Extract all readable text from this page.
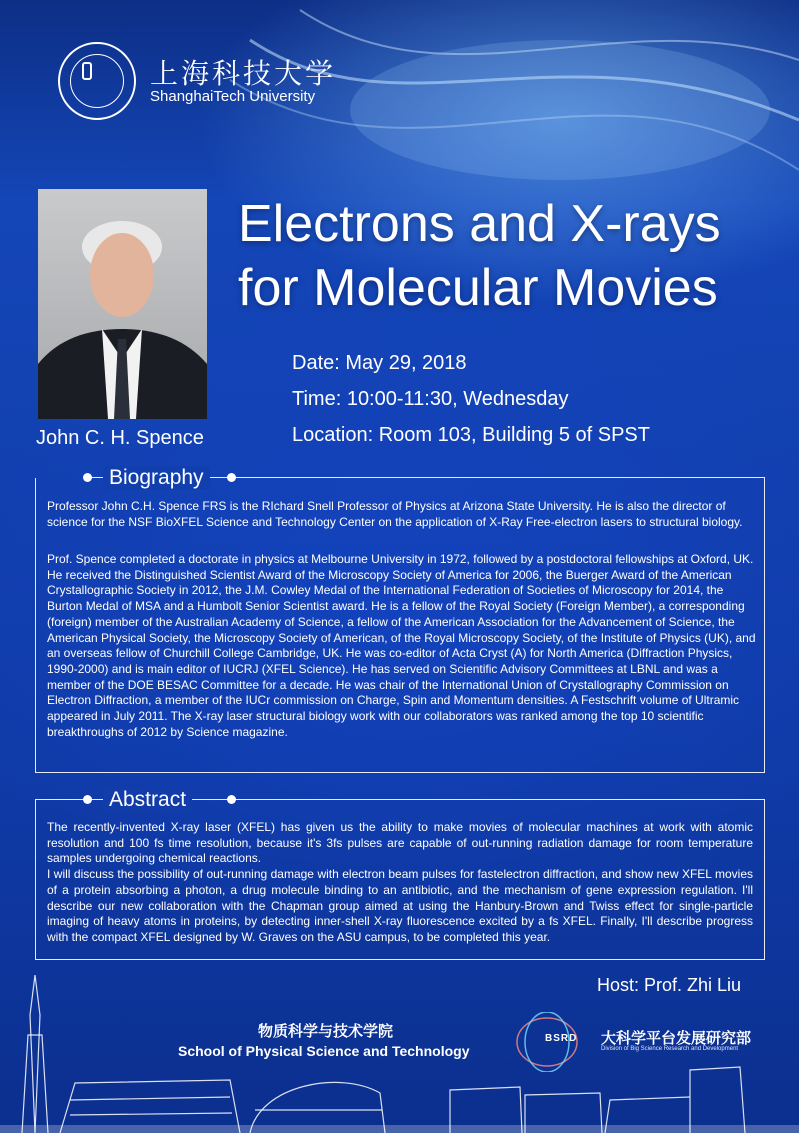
上海科技大学
ShanghaiTech University
John C. H. Spence
Electrons and X-rays
for Molecular Movies
Date: May 29, 2018
Time: 10:00-11:30, Wednesday
Location: Room 103, Building 5 of SPST
Biography
Professor John C.H. Spence FRS is the RIchard Snell Professor of Physics at Arizona State University. He is also the director of science for the NSF BioXFEL Science and Technology Center on the application of X-Ray Free-electron lasers to structural biology.
Prof. Spence completed a doctorate in physics at Melbourne University in 1972, followed by a postdoctoral fellowships at Oxford, UK. He received the Distinguished Scientist Award of the Microscopy Society of America for 2006, the Buerger Award of the American Crystallographic Society in 2012, the J.M. Cowley Medal of the International Federation of Societies of Microscopy for 2014, the Burton Medal of MSA and a Humbolt Senior Scientist award. He is a fellow of the Royal Society (Foreign Member), a corresponding (foreign) member of the Australian Academy of Science, a fellow of the American Association for the Advancement of Science, the American Physical Society, the Microscopy Society of American, of the Royal Microscopy Society, of the Institute of Physics (UK), and an overseas fellow of Churchill College Cambridge, UK. He was co-editor of Acta Cryst (A) for North America (Diffraction Physics, 1990-2000) and is main editor of IUCRJ (XFEL Science). He has served on Scientific Advisory Committees at LBNL and was a member of the DOE BESAC Committee for a decade. He was chair of the International Union of Crystallography Commission on Electron Diffraction, a member of the IUCr commission on Charge, Spin and Momentum densities. A Festschrift volume of Ultramic appeared in July 2011. The X-ray laser structural biology work with our collaborators was ranked among the top 10 scientific breakthroughs of 2012 by Science magazine.
Abstract
The recently-invented X-ray laser (XFEL) has given us the ability to make movies of molecular machines at work with atomic resolution and 100 fs time resolution, because it's 3fs pulses are capable of out-running radiation damage for room temperature samples undergoing chemical reactions.
I will discuss the possibility of out-running damage with electron beam pulses for fastelectron diffraction, and show new XFEL movies of a protein absorbing a photon, a drug molecule binding to an antibiotic, and the mechanism of gene expression regulation. I'll describe our new collaboration with the Chapman group aimed at using the Hanbury-Brown and Twiss effect for single-particle imaging of heavy atoms in proteins, by detecting inner-shell X-ray fluorescence excited by a fs XFEL. Finally, I'll describe progress with the compact XFEL designed by W. Graves on the ASU campus, to be completed this year.
Host: Prof. Zhi Liu
物质科学与技术学院
School of Physical Science and Technology
BSRD 大科学平台发展研究部
Division of Big Science Research and Development
